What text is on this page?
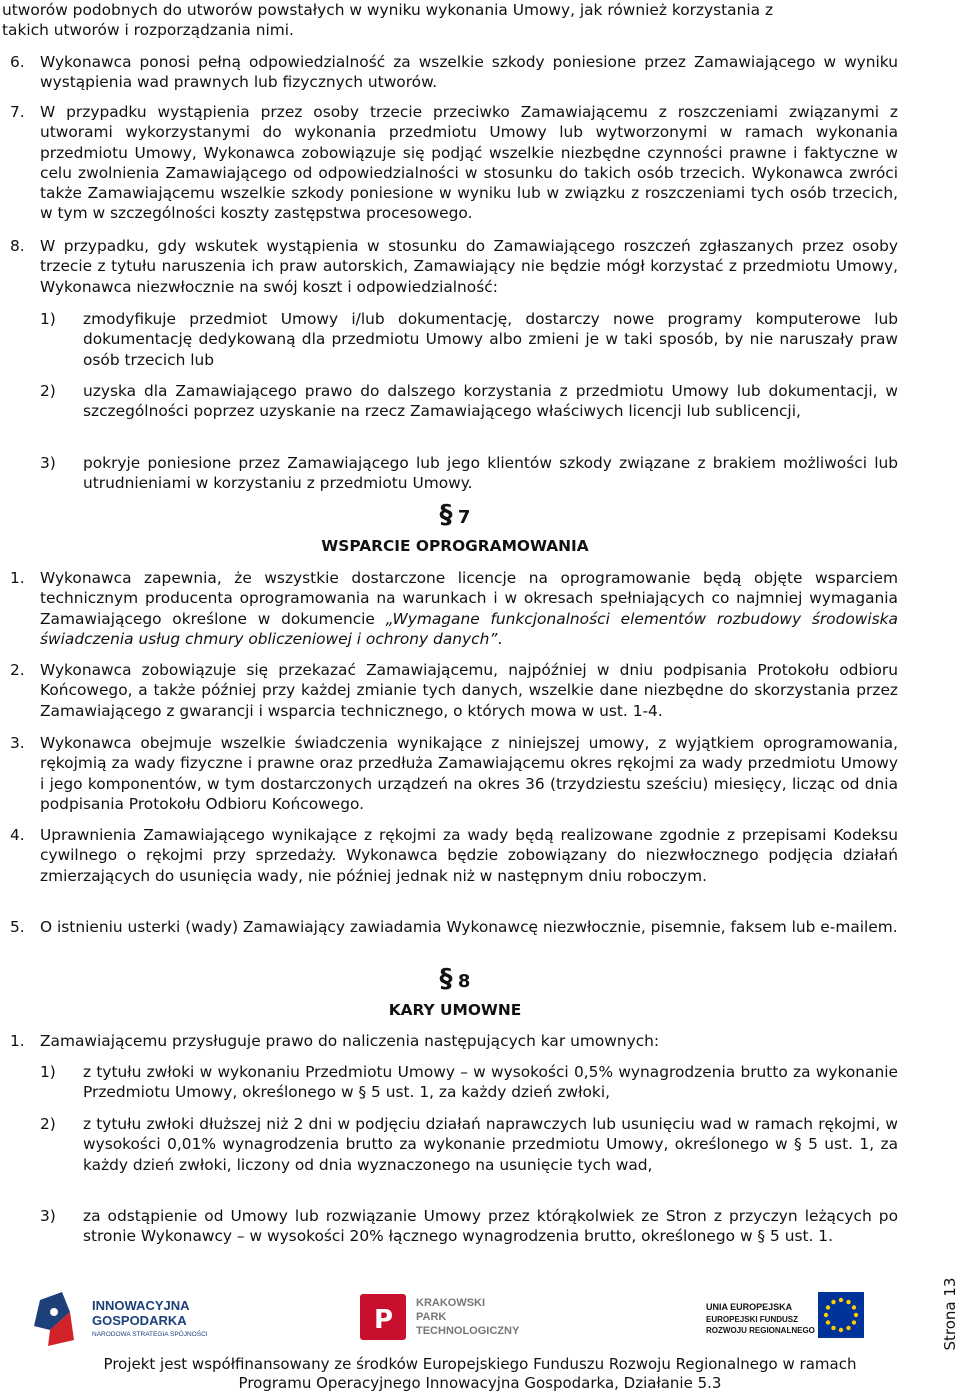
utworów podobnych do utworów powstałych w wyniku wykonania Umowy, jak również korzystania z
takich utworów i rozporządzania nimi.
6. Wykonawca ponosi pełną odpowiedzialność za wszelkie szkody poniesione przez Zamawiającego w wyniku wystąpienia wad prawnych lub fizycznych utworów.
7. W przypadku wystąpienia przez osoby trzecie przeciwko Zamawiającemu z roszczeniami związanymi z utworami wykorzystanymi do wykonania przedmiotu Umowy lub wytworzonymi w ramach wykonania przedmiotu Umowy, Wykonawca zobowiązuje się podjąć wszelkie niezbędne czynności prawne i faktyczne w celu zwolnienia Zamawiającego od odpowiedzialności w stosunku do takich osób trzecich. Wykonawca zwróci także Zamawiającemu wszelkie szkody poniesione w wyniku lub w związku z roszczeniami tych osób trzecich, w tym w szczególności koszty zastępstwa procesowego.
8. W przypadku, gdy wskutek wystąpienia w stosunku do Zamawiającego roszczeń zgłaszanych przez osoby trzecie z tytułu naruszenia ich praw autorskich, Zamawiający nie będzie mógł korzystać z przedmiotu Umowy, Wykonawca niezwłocznie na swój koszt i odpowiedzialność:
1)	zmodyfikuje przedmiot Umowy i/lub dokumentację, dostarczy nowe programy komputerowe lub dokumentację dedykowaną dla przedmiotu Umowy albo zmieni je w taki sposób, by nie naruszały praw osób trzecich lub
2)	uzyska dla Zamawiającego prawo do dalszego korzystania z przedmiotu Umowy lub dokumentacji, w szczególności poprzez uzyskanie na rzecz Zamawiającego właściwych licencji lub sublicencji,
3)	pokryje poniesione przez Zamawiającego lub jego klientów szkody związane z brakiem możliwości lub utrudnieniami w korzystaniu z przedmiotu Umowy.
§ 7
WSPARCIE OPROGRAMOWANIA
1. Wykonawca zapewnia, że wszystkie dostarczone licencje na oprogramowanie będą objęte wsparciem technicznym producenta oprogramowania na warunkach i w okresach spełniających co najmniej wymagania Zamawiającego określone w dokumencie „Wymagane funkcjonalności elementów rozbudowy środowiska świadczenia usług chmury obliczeniowej i ochrony danych”.
2. Wykonawca zobowiązuje się przekazać Zamawiającemu, najpóźniej w dniu podpisania Protokołu odbioru Końcowego, a także później przy każdej zmianie tych danych, wszelkie dane niezbędne do skorzystania przez Zamawiającego z gwarancji i wsparcia technicznego, o których mowa w ust. 1-4.
3. Wykonawca obejmuje wszelkie świadczenia wynikające z niniejszej umowy, z wyjątkiem oprogramowania, rękojmią za wady fizyczne i prawne oraz przedłuża Zamawiającemu okres rękojmi za wady przedmiotu Umowy i jego komponentów, w tym dostarczonych urządzeń na okres 36 (trzydziestu sześciu) miesięcy, licząc od dnia podpisania Protokołu Odbioru Końcowego.
4. Uprawnienia Zamawiającego wynikające z rękojmi za wady będą realizowane zgodnie z przepisami Kodeksu cywilnego o rękojmi przy sprzedaży. Wykonawca będzie zobowiązany do niezwłocznego podjęcia działań zmierzających do usunięcia wady, nie później jednak niż w następnym dniu roboczym.
5. O istnieniu usterki (wady) Zamawiający zawiadamia Wykonawcę niezwłocznie, pisemnie, faksem lub e-mailem.
§ 8
KARY UMOWNE
1. Zamawiającemu przysługuje prawo do naliczenia następujących kar umownych:
1)	z tytułu zwłoki w wykonaniu Przedmiotu Umowy – w wysokości 0,5% wynagrodzenia brutto za wykonanie Przedmiotu Umowy, określonego w § 5 ust. 1, za każdy dzień zwłoki,
2)	z tytułu zwłoki dłuższej niż 2 dni w podjęciu działań naprawczych lub usunięciu wad w ramach rękojmi, w wysokości 0,01% wynagrodzenia brutto za wykonanie przedmiotu Umowy, określonego w § 5 ust. 1, za każdy dzień zwłoki, liczony od dnia wyznaczonego na usunięcie tych wad,
3)	za odstąpienie od Umowy lub rozwiązanie Umowy przez którąkolwiek ze Stron z przyczyn leżących po stronie Wykonawcy – w wysokości 20% łącznego wynagrodzenia brutto, określonego w § 5 ust. 1.
Strona 13
INNOWACYJNA
GOSPODARKA
NARODOWA STRATEGIA SPÓJNOŚCI	P
KRAKOWSKI
PARK
TECHNOLOGICZNY
UNIA EUROPEJSKA
EUROPEJSKI FUNDUSZ
ROZWOJU REGIONALNEGO
Projekt jest współfinansowany ze środków Europejskiego Funduszu Rozwoju Regionalnego w ramach
Programu Operacyjnego Innowacyjna Gospodarka, Działanie 5.3
